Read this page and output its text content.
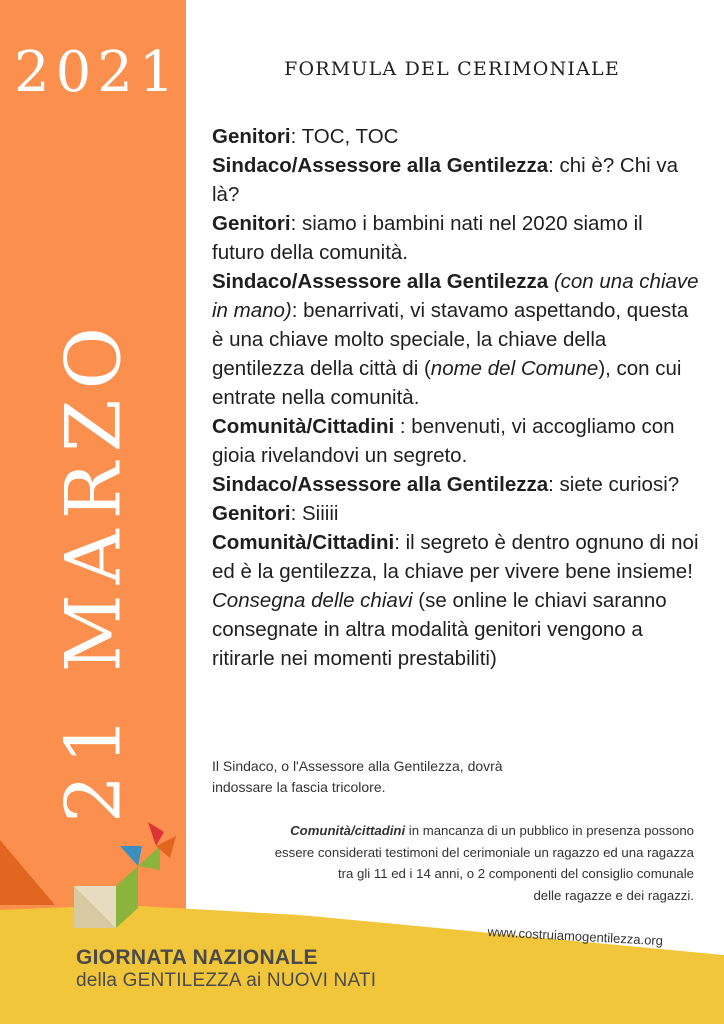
2021
21 MARZO
FORMULA DEL CERIMONIALE

Genitori: TOC, TOC

Sindaco/Assessore alla Gentilezza: chi è? Chi va là?

Genitori: siamo i bambini nati nel 2020 siamo il futuro della comunità.

Sindaco/Assessore alla Gentilezza (con una chiave in mano): benarrivati, vi stavamo aspettando, questa è una chiave molto speciale, la chiave della gentilezza della città di (nome del Comune), con cui entrate nella comunità.

Comunità/Cittadini : benvenuti, vi accogliamo con gioia rivelandovi un segreto.

Sindaco/Assessore alla Gentilezza: siete curiosi?

Genitori: Siiiii

Comunità/Cittadini: il segreto è dentro ognuno di noi ed è la gentilezza, la chiave per vivere bene insieme!

Consegna delle chiavi (se online le chiavi saranno consegnate in altra modalità genitori vengono a ritirarle nei momenti prestabiliti)

Il Sindaco, o l'Assessore alla Gentilezza, dovrà
indossare la fascia tricolore.
Comunità/cittadini in mancanza di un pubblico in presenza possono
essere considerati testimoni del cerimoniale un ragazzo ed una ragazza
tra gli 11 ed i 14 anni, o 2 componenti del consiglio comunale
delle ragazze e dei ragazzi.
www.costruiamogentilezza.org
GIORNATA NAZIONALE
della GENTILEZZA ai NUOVI NATI
